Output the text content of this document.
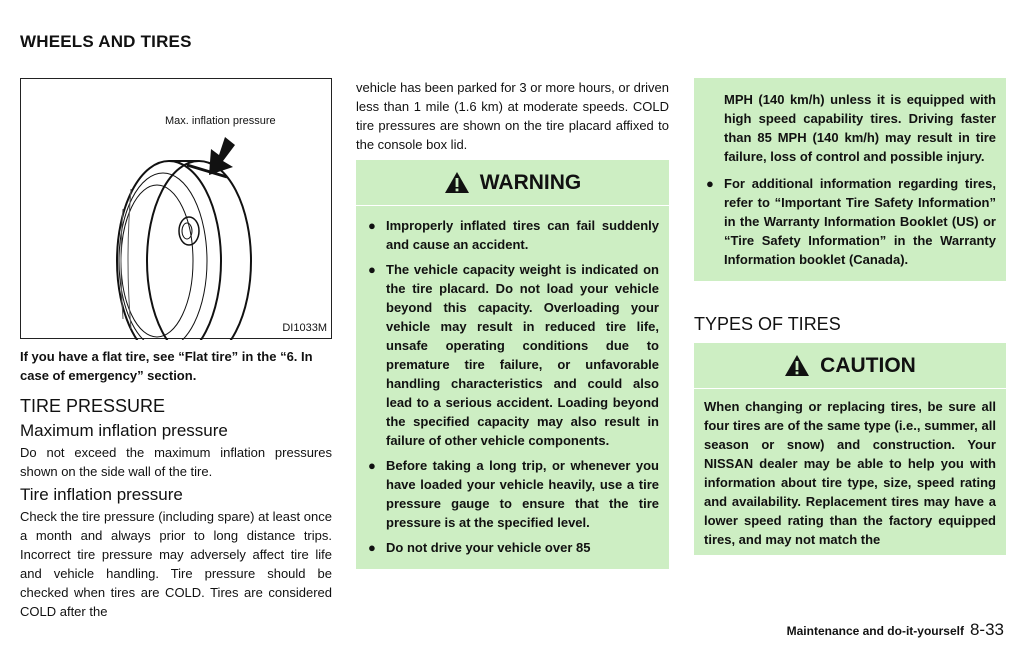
WHEELS AND TIRES
Max. inflation pressure
DI1033M
If you have a flat tire, see “Flat tire” in the “6. In case of emergency” section.
TIRE PRESSURE
Maximum inflation pressure
Do not exceed the maximum inflation pressures shown on the side wall of the tire.
Tire inflation pressure
Check the tire pressure (including spare) at least once a month and always prior to long distance trips. Incorrect tire pressure may adversely affect tire life and vehicle handling. Tire pressure should be checked when tires are COLD. Tires are considered COLD after the
vehicle has been parked for 3 or more hours, or driven less than 1 mile (1.6 km) at moderate speeds. COLD tire pressures are shown on the tire placard affixed to the console box lid.
WARNING
● Improperly inflated tires can fail suddenly and cause an accident.
● The vehicle capacity weight is indicated on the tire placard. Do not load your vehicle beyond this capacity. Overloading your vehicle may result in reduced tire life, unsafe operating conditions due to premature tire failure, or unfavorable handling characteristics and could also lead to a serious accident. Loading beyond the specified capacity may also result in failure of other vehicle components.
● Before taking a long trip, or whenever you have loaded your vehicle heavily, use a tire pressure gauge to ensure that the tire pressure is at the specified level.
● Do not drive your vehicle over 85
MPH (140 km/h) unless it is equipped with high speed capability tires. Driving faster than 85 MPH (140 km/h) may result in tire failure, loss of control and possible injury.
● For additional information regarding tires, refer to “Important Tire Safety Information” in the Warranty Information Booklet (US) or “Tire Safety Information” in the Warranty Information booklet (Canada).
TYPES OF TIRES
CAUTION
When changing or replacing tires, be sure all four tires are of the same type (i.e., summer, all season or snow) and construction. Your NISSAN dealer may be able to help you with information about tire type, size, speed rating and availability. Replacement tires may have a lower speed rating than the factory equipped tires, and may not match the
Maintenance and do-it-yourself 8-33
